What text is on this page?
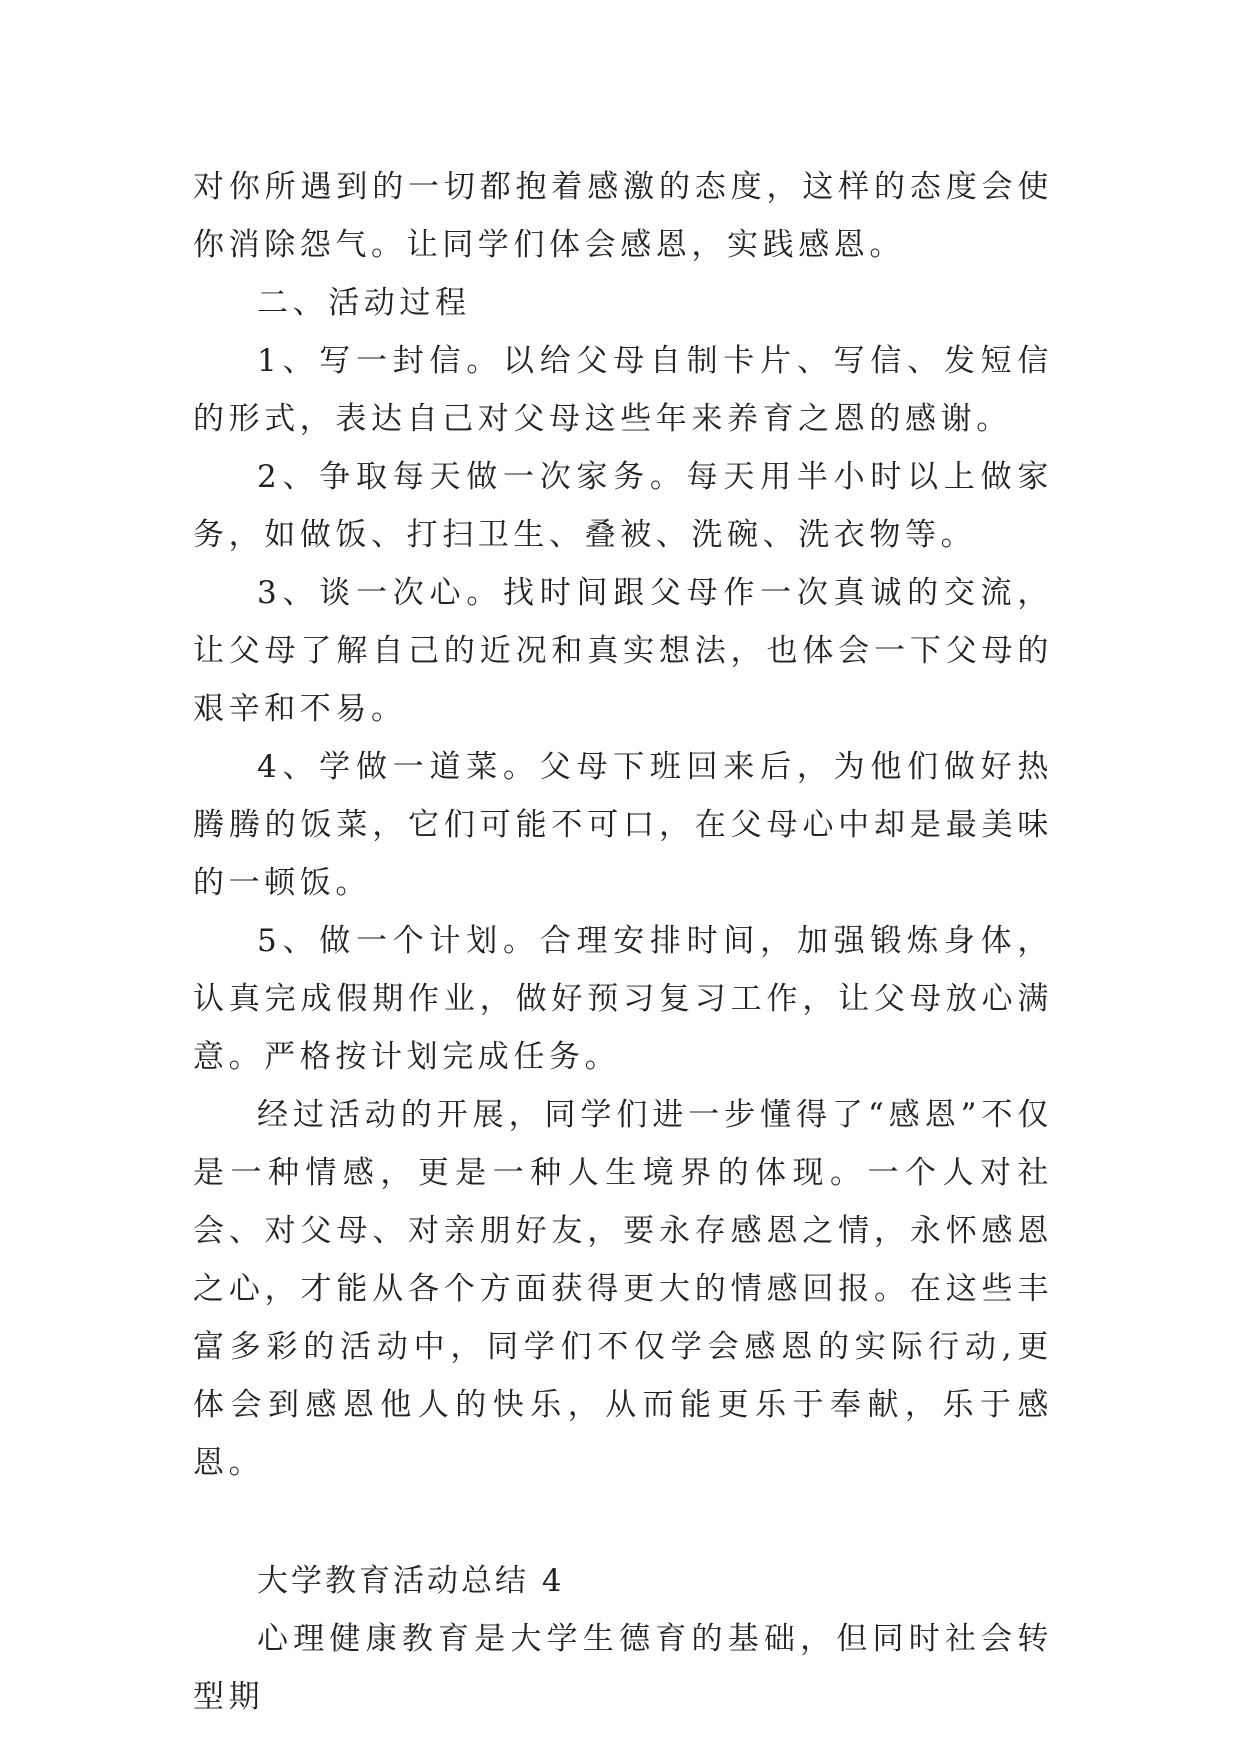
对你所遇到的一切都抱着感激的态度，这样的态度会使你消除怨气。让同学们体会感恩，实践感恩。

二、活动过程

1、写一封信。以给父母自制卡片、写信、发短信的形式，表达自己对父母这些年来养育之恩的感谢。

2、争取每天做一次家务。每天用半小时以上做家务，如做饭、打扫卫生、叠被、洗碗、洗衣物等。

3、谈一次心。找时间跟父母作一次真诚的交流，让父母了解自己的近况和真实想法，也体会一下父母的艰辛和不易。

4、学做一道菜。父母下班回来后，为他们做好热腾腾的饭菜，它们可能不可口，在父母心中却是最美味的一顿饭。

5、做一个计划。合理安排时间，加强锻炼身体，认真完成假期作业，做好预习复习工作，让父母放心满意。严格按计划完成任务。

经过活动的开展，同学们进一步懂得了“感恩”不仅是一种情感，更是一种人生境界的体现。一个人对社会、对父母、对亲朋好友，要永存感恩之情，永怀感恩之心，才能从各个方面获得更大的情感回报。在这些丰富多彩的活动中，同学们不仅学会感恩的实际行动,更体会到感恩他人的快乐，从而能更乐于奉献，乐于感恩。

大学教育活动总结 4

心理健康教育是大学生德育的基础，但同时社会转型期
